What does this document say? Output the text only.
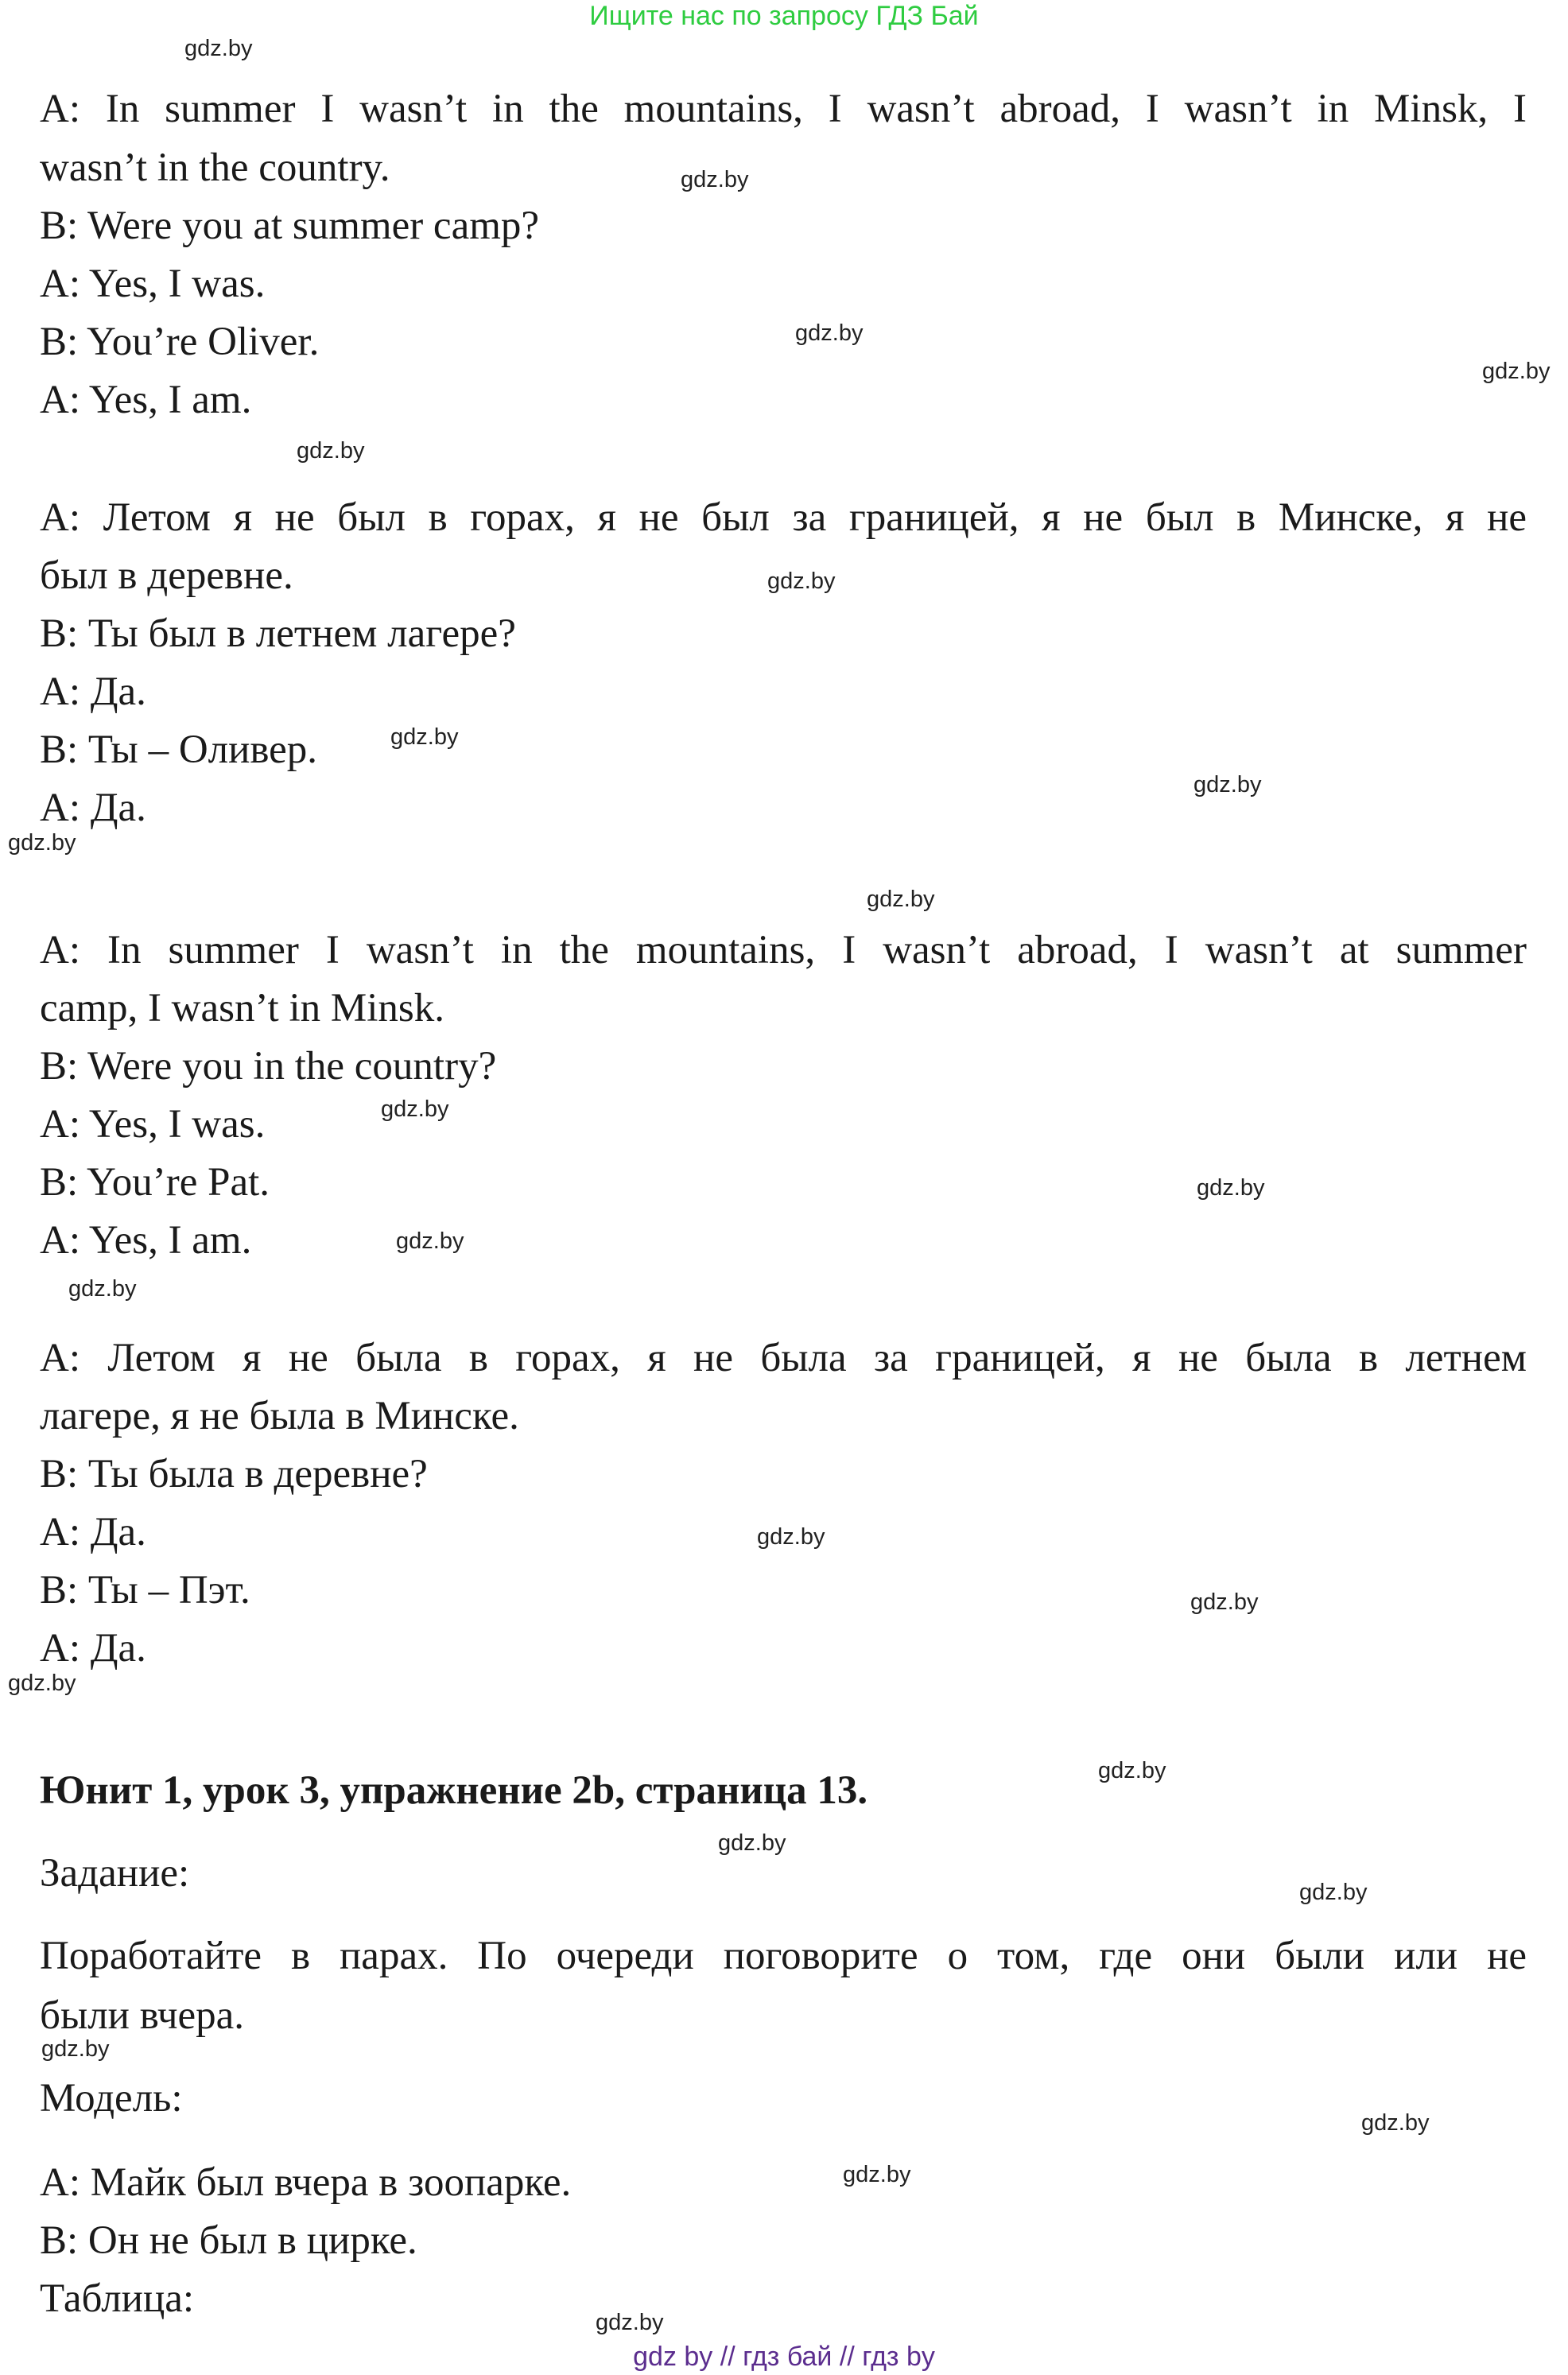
Ищите нас по запросу ГДЗ Бай
A: In summer I wasn’t in the mountains, I wasn’t abroad, I wasn’t in Minsk, I
wasn’t in the country.
B: Were you at summer camp?
A: Yes, I was.
B: You’re Oliver.
A: Yes, I am.
A: Летом я не был в горах, я не был за границей, я не был в Минске, я не
был в деревне.
B: Ты был в летнем лагере?
A: Да.
B: Ты – Оливер.
A: Да.
A: In summer I wasn’t in the mountains, I wasn’t abroad, I wasn’t at summer
camp, I wasn’t in Minsk.
B: Were you in the country?
A: Yes, I was.
B: You’re Pat.
A: Yes, I am.
A: Летом я не была в горах, я не была за границей, я не была в летнем
лагере, я не была в Минске.
B: Ты была в деревне?
A: Да.
B: Ты – Пэт.
A: Да.
Юнит 1, урок 3, упражнение 2b, страница 13.
Задание:
Поработайте в парах. По очереди поговорите о том, где они были или не
были вчера.
Модель:
A: Майк был вчера в зоопарке.
B: Он не был в цирке.
Таблица:
gdz.by
gdz.by
gdz.by
gdz.by
gdz.by
gdz.by
gdz.by
gdz.by
gdz.by
gdz.by
gdz.by
gdz.by
gdz.by
gdz.by
gdz.by
gdz.by
gdz.by
gdz.by
gdz.by
gdz.by
gdz.by
gdz.by
gdz.by
gdz.by
gdz by // гдз бай // гдз by
